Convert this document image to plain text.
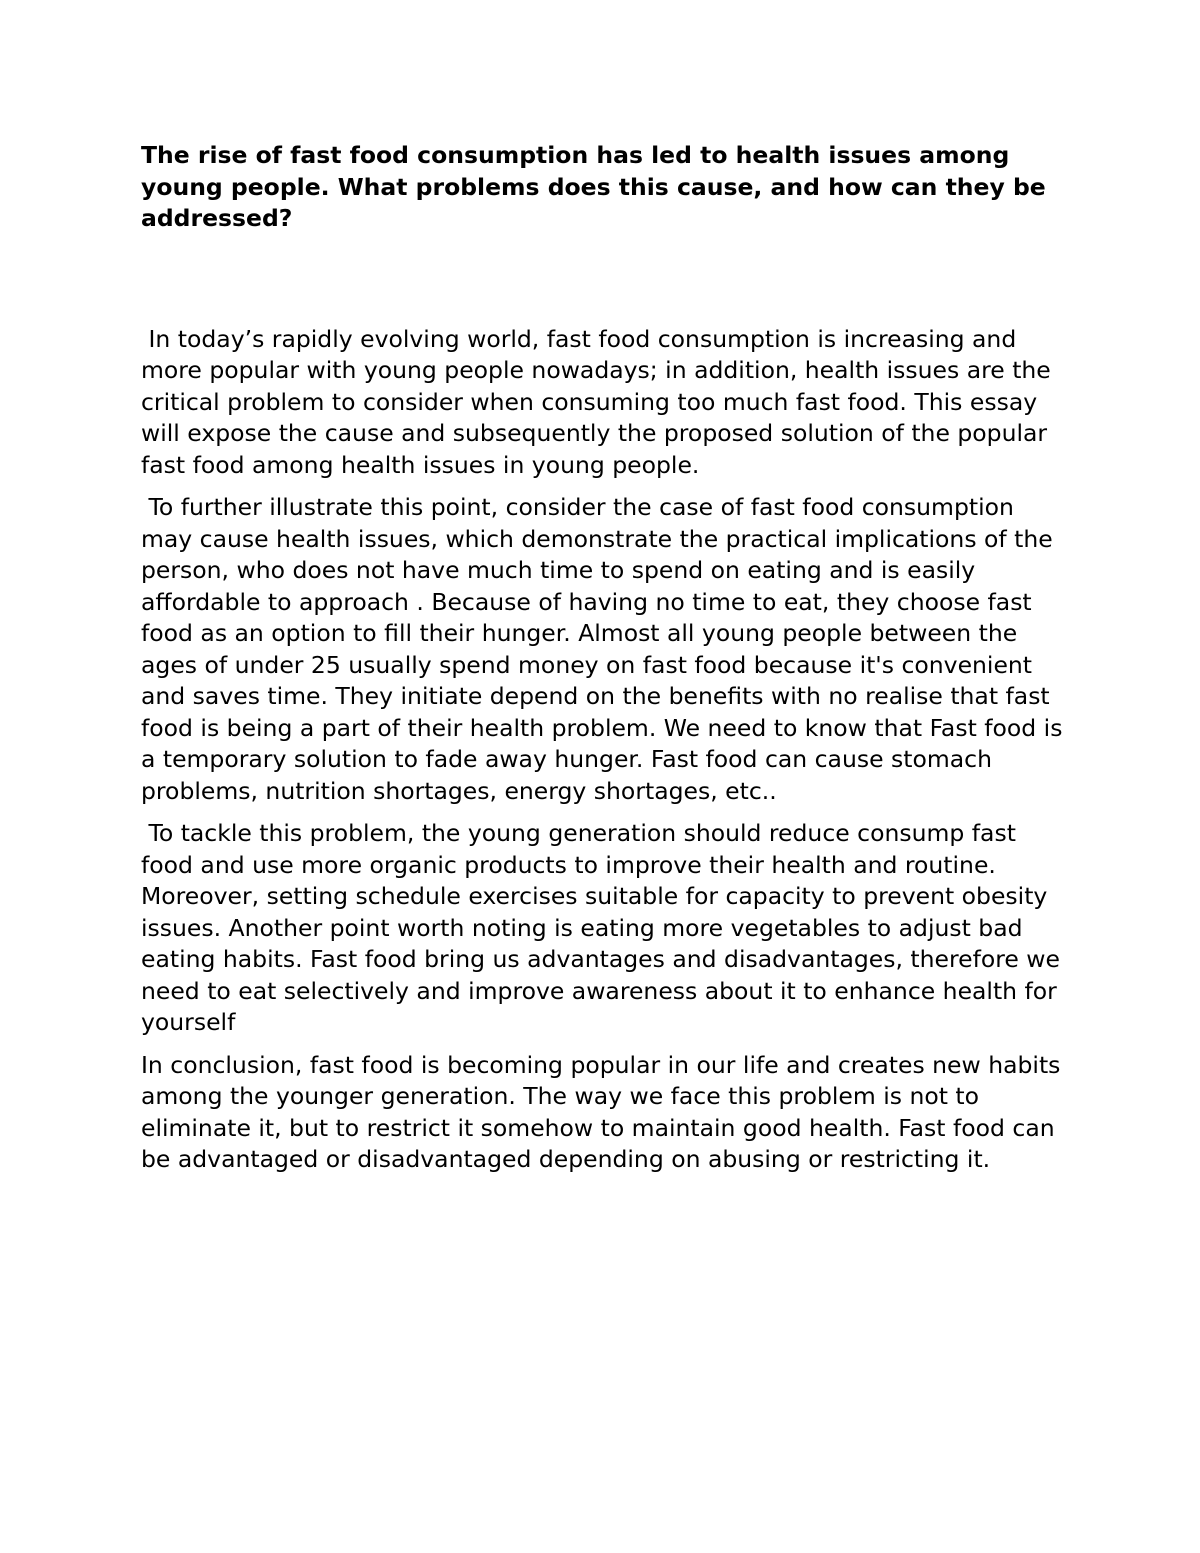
The rise of fast food consumption has led to health issues among young people. What problems does this cause, and how can they be addressed?

In today’s rapidly evolving world, fast food consumption is increasing and more popular with young people nowadays; in addition, health issues are the critical problem to consider when consuming too much fast food. This essay will expose the cause and subsequently the proposed solution of the popular fast food among health issues in young people.

To further illustrate this point, consider the case of fast food consumption may cause health issues, which demonstrate the practical implications of the person, who does not have much time to spend on eating and is easily affordable to approach . Because of having no time to eat, they choose fast food as an option to fill their hunger. Almost all young people between the ages of under 25 usually spend money on fast food because it's convenient and saves time. They initiate depend on the benefits with no realise that fast food is being a part of their health problem. We need to know that Fast food is a temporary solution to fade away hunger. Fast food can cause stomach problems, nutrition shortages, energy shortages, etc..

To tackle this problem, the young generation should reduce consump fast food and use more organic products to improve their health and routine. Moreover, setting schedule exercises suitable for capacity to prevent obesity issues. Another point worth noting is eating more vegetables to adjust bad eating habits. Fast food bring us advantages and disadvantages, therefore we need to eat selectively and improve awareness about it to enhance health for yourself

In conclusion, fast food is becoming popular in our life and creates new habits among the younger generation. The way we face this problem is not to eliminate it, but to restrict it somehow to maintain good health. Fast food can be advantaged or disadvantaged depending on abusing or restricting it.
